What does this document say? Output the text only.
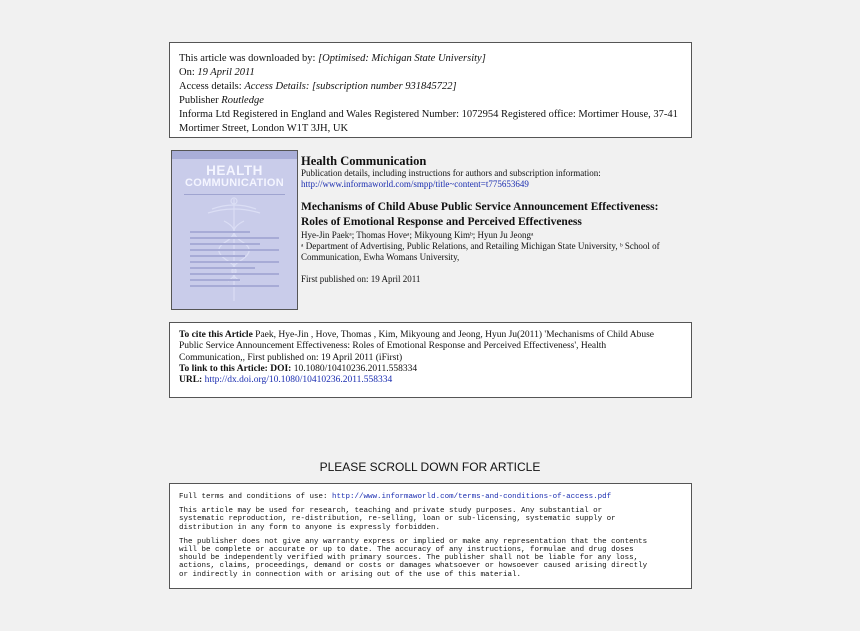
This article was downloaded by: [Optimised: Michigan State University]
On: 19 April 2011
Access details: Access Details: [subscription number 931845722]
Publisher Routledge
Informa Ltd Registered in England and Wales Registered Number: 1072954 Registered office: Mortimer House, 37-41 Mortimer Street, London W1T 3JH, UK
HEALTH
COMMUNICATION
Health Communication
Publication details, including instructions for authors and subscription information:
http://www.informaworld.com/smpp/title~content=t775653649
Mechanisms of Child Abuse Public Service Announcement Effectiveness:
Roles of Emotional Response and Perceived Effectiveness
Hye-Jin Paekᵃ; Thomas Hoveᵃ; Mikyoung Kimᵇ; Hyun Ju Jeongᵃ
ᵃ Department of Advertising, Public Relations, and Retailing Michigan State University, ᵇ School of
Communication, Ewha Womans University,
First published on: 19 April 2011
To cite this Article Paek, Hye-Jin , Hove, Thomas , Kim, Mikyoung and Jeong, Hyun Ju(2011) 'Mechanisms of Child Abuse
Public Service Announcement Effectiveness: Roles of Emotional Response and Perceived Effectiveness', Health
Communication,, First published on: 19 April 2011 (iFirst)
To link to this Article: DOI: 10.1080/10410236.2011.558334
URL: http://dx.doi.org/10.1080/10410236.2011.558334
PLEASE SCROLL DOWN FOR ARTICLE

Full terms and conditions of use: http://www.informaworld.com/terms-and-conditions-of-access.pdf

This article may be used for research, teaching and private study purposes. Any substantial or
systematic reproduction, re-distribution, re-selling, loan or sub-licensing, systematic supply or
distribution in any form to anyone is expressly forbidden.

The publisher does not give any warranty express or implied or make any representation that the contents
will be complete or accurate or up to date. The accuracy of any instructions, formulae and drug doses
should be independently verified with primary sources. The publisher shall not be liable for any loss,
actions, claims, proceedings, demand or costs or damages whatsoever or howsoever caused arising directly
or indirectly in connection with or arising out of the use of this material.
